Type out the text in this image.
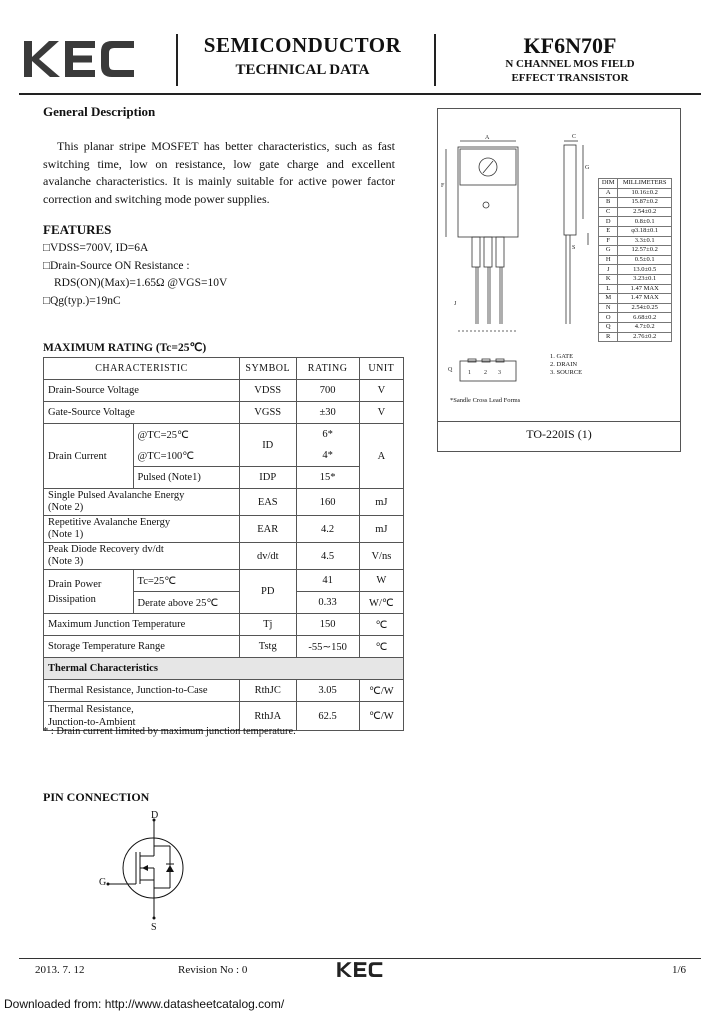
SEMICONDUCTOR
TECHNICAL DATA
KF6N70F
N CHANNEL MOS FIELD
EFFECT TRANSISTOR
General Description
This planar stripe MOSFET has better characteristics, such as fast switching time, low on resistance, low gate charge and excellent avalanche characteristics. It is mainly suitable for active power factor correction and switching mode power supplies.
FEATURES
□VDSS=700V, ID=6A
□Drain-Source ON Resistance :
RDS(ON)(Max)=1.65Ω @VGS=10V
□Qg(typ.)=19nC
MAXIMUM RATING (Tc=25℃)
CHARACTERISTIC		SYMBOL	RATING	UNIT
Drain-Source Voltage		VDSS	700	V
Gate-Source Voltage		VGSS	±30	V
Drain Current	@TC=25℃	ID	6*	A
	@TC=100℃		4*	
	Pulsed (Note1)	IDP	15*	

Single Pulsed Avalanche Energy
(Note 2)		EAS	160	mJ

Repetitive Avalanche Energy
(Note 1)		EAR	4.2	mJ

Peak Diode Recovery dv/dt
(Note 3)		dv/dt	4.5	V/ns

Drain Power
Dissipation	Tc=25℃	PD	41	W
	Derate above 25℃		0.33	W/℃
Maximum Junction Temperature		Tj	150	℃
Storage Temperature Range		Tstg	-55∼150	℃
Thermal Characteristics				
Thermal Resistance, Junction-to-Case		RthJC	3.05	℃/W

Thermal Resistance,
Junction-to-Ambient		RthJA	62.5	℃/W
* : Drain current limited by maximum junction temperature.
TO-220IS (1)
*Sandle Cross Lead Forms
1. GATE
2. DRAIN
3. SOURCE
A	C
G
F
J
S
1 2 3
Q
DIM	MILLIMETERS
A	10.16±0.2
B	15.87±0.2
C	2.54±0.2
D	0.8±0.1
E	φ3.18±0.1
F	3.3±0.1
G	12.57±0.2
H	0.5±0.1
J	13.0±0.5
K	3.23±0.1
L	1.47 MAX
M	1.47 MAX
N	2.54±0.25
O	6.68±0.2
Q	4.7±0.2
R	2.76±0.2
PIN CONNECTION
D
G
S
2013. 7. 12	Revision No : 0	1/6
Downloaded from: http://www.datasheetcatalog.com/
